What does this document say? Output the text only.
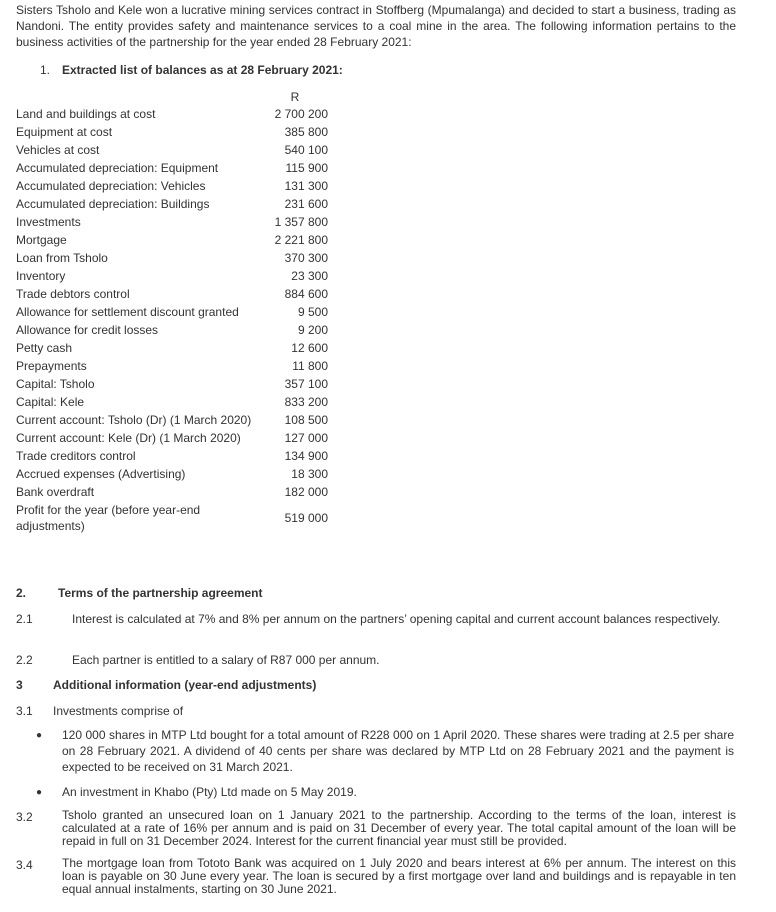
Sisters Tsholo and Kele won a lucrative mining services contract in Stoffberg (Mpumalanga) and decided to start a business, trading as Nandoni. The entity provides safety and maintenance services to a coal mine in the area. The following information pertains to the business activities of the partnership for the year ended 28 February 2021:
1. Extracted list of balances as at 28 February 2021:
R
Land and buildings at cost	2 700 200
Equipment at cost	385 800
Vehicles at cost	540 100
Accumulated depreciation: Equipment	115 900
Accumulated depreciation: Vehicles	131 300
Accumulated depreciation: Buildings	231 600
Investments	1 357 800
Mortgage	2 221 800
Loan from Tsholo	370 300
Inventory	23 300
Trade debtors control	884 600
Allowance for settlement discount granted	9 500
Allowance for credit losses	9 200
Petty cash	12 600
Prepayments	11 800
Capital: Tsholo	357 100
Capital: Kele	833 200
Current account: Tsholo (Dr) (1 March 2020)	108 500
Current account: Kele (Dr) (1 March 2020)	127 000
Trade creditors control	134 900
Accrued expenses (Advertising)	18 300
Bank overdraft	182 000
Profit for the year (before year-end adjustments)	519 000
2.	Terms of the partnership agreement
2.1	Interest is calculated at 7% and 8% per annum on the partners’ opening capital and current account balances respectively.
2.2	Each partner is entitled to a salary of R87 000 per annum.
3	Additional information (year-end adjustments)
3.1 Investments comprise of
● 120 000 shares in MTP Ltd bought for a total amount of R228 000 on 1 April 2020. These shares were trading at 2.5 per share on 28 February 2021. A dividend of 40 cents per share was declared by MTP Ltd on 28 February 2021 and the payment is expected to be received on 31 March 2021.
● An investment in Khabo (Pty) Ltd made on 5 May 2019.
3.2 Tsholo granted an unsecured loan on 1 January 2021 to the partnership. According to the terms of the loan, interest is calculated at a rate of 16% per annum and is paid on 31 December of every year. The total capital amount of the loan will be repaid in full on 31 December 2024. Interest for the current financial year must still be provided.
3.4 The mortgage loan from Tototo Bank was acquired on 1 July 2020 and bears interest at 6% per annum. The interest on this loan is payable on 30 June every year. The loan is secured by a first mortgage over land and buildings and is repayable in ten equal annual instalments, starting on 30 June 2021.
